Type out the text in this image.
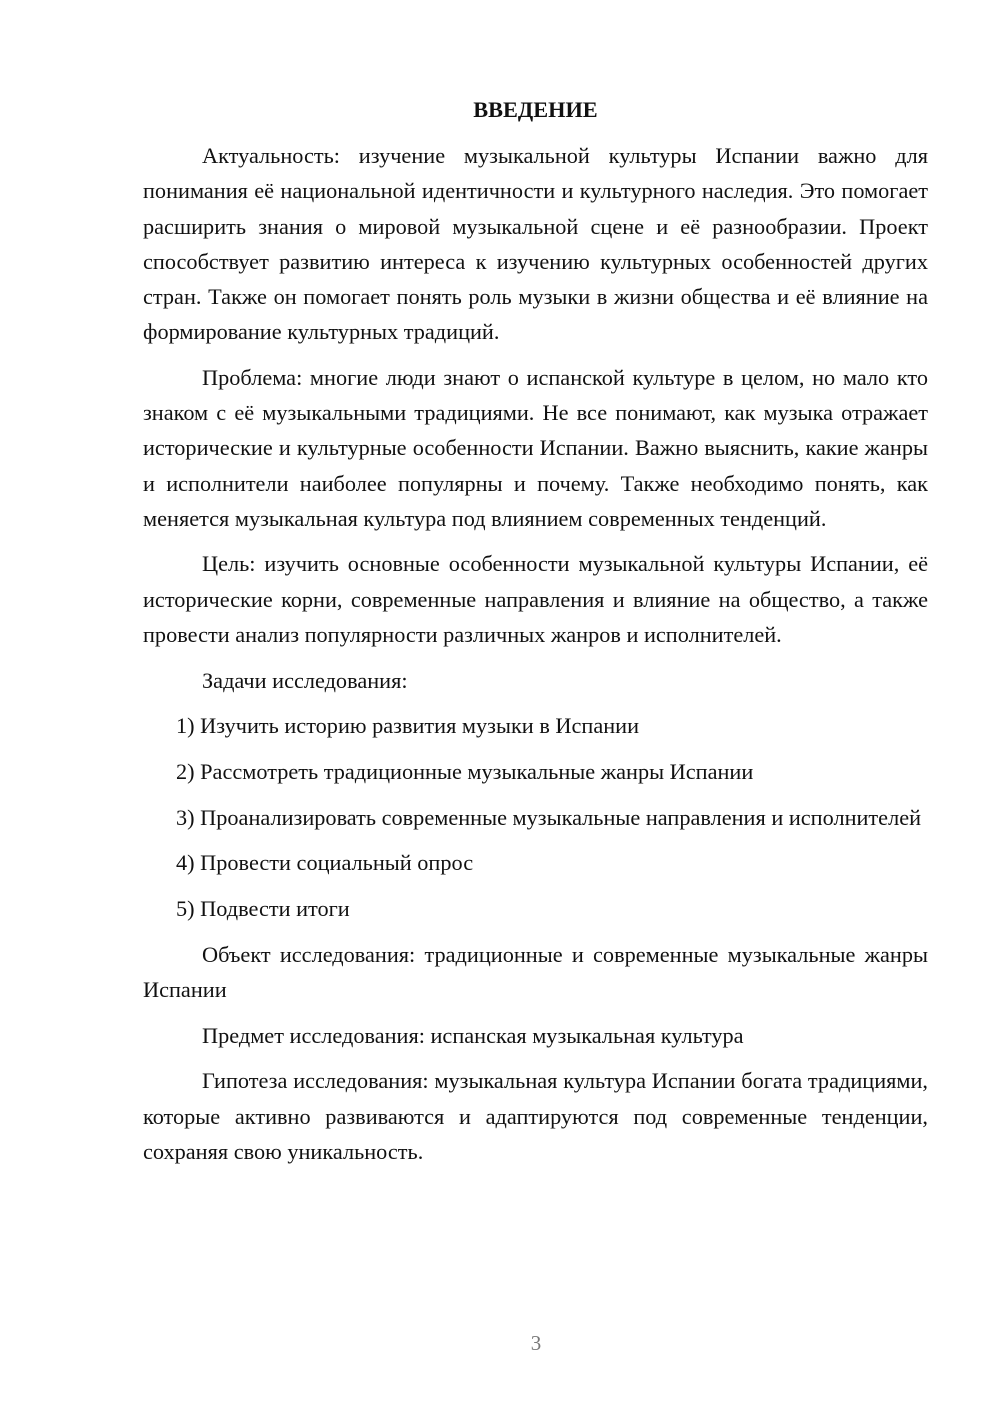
ВВЕДЕНИЕ

Актуальность: изучение музыкальной культуры Испании важно для понимания её национальной идентичности и культурного наследия. Это помогает расширить знания о мировой музыкальной сцене и её разнообразии. Проект способствует развитию интереса к изучению культурных особенностей других стран. Также он помогает понять роль музыки в жизни общества и её влияние на формирование культурных традиций.

Проблема: многие люди знают о испанской культуре в целом, но мало кто знаком с её музыкальными традициями. Не все понимают, как музыка отражает исторические и культурные особенности Испании. Важно выяснить, какие жанры и исполнители наиболее популярны и почему. Также необходимо понять, как меняется музыкальная культура под влиянием современных тенденций.

Цель: изучить основные особенности музыкальной культуры Испании, её исторические корни, современные направления и влияние на общество, а также провести анализ популярности различных жанров и исполнителей.

Задачи исследования:

1) Изучить историю развития музыки в Испании

2) Рассмотреть традиционные музыкальные жанры Испании

3) Проанализировать современные музыкальные направления и исполнителей

4) Провести социальный опрос

5) Подвести итоги

Объект исследования: традиционные и современные музыкальные жанры Испании

Предмет исследования: испанская музыкальная культура

Гипотеза исследования: музыкальная культура Испании богата традициями, которые активно развиваются и адаптируются под современные тенденции, сохраняя свою уникальность.

3
